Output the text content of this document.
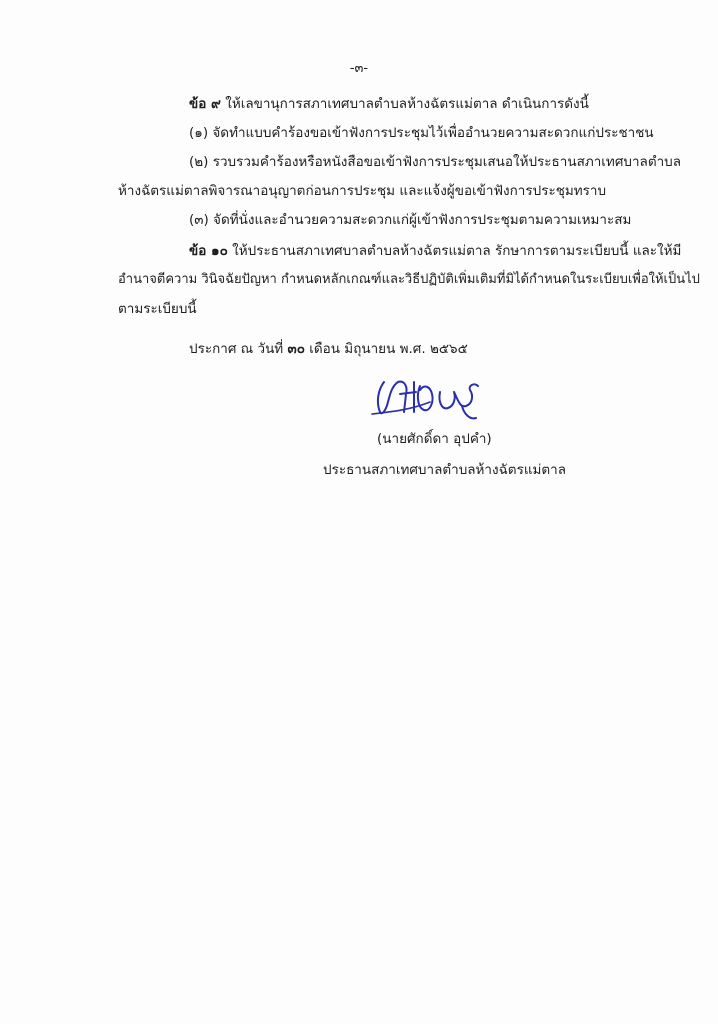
-๓-
ข้อ ๙ ให้เลขานุการสภาเทศบาลตำบลห้างฉัตรแม่ตาล ดำเนินการดังนี้
(๑) จัดทำแบบคำร้องขอเข้าฟังการประชุมไว้เพื่ออำนวยความสะดวกแก่ประชาชน
(๒) รวบรวมคำร้องหรือหนังสือขอเข้าฟังการประชุมเสนอให้ประธานสภาเทศบาลตำบล
ห้างฉัตรแม่ตาลพิจารณาอนุญาตก่อนการประชุม และแจ้งผู้ขอเข้าฟังการประชุมทราบ
(๓) จัดที่นั่งและอำนวยความสะดวกแก่ผู้เข้าฟังการประชุมตามความเหมาะสม
ข้อ ๑๐ ให้ประธานสภาเทศบาลตำบลห้างฉัตรแม่ตาล รักษาการตามระเบียบนี้ และให้มี
อำนาจตีความ วินิจฉัยปัญหา กำหนดหลักเกณฑ์และวิธีปฏิบัติเพิ่มเติมที่มิได้กำหนดในระเบียบเพื่อให้เป็นไป
ตามระเบียบนี้
ประกาศ ณ วันที่ ๓๐ เดือน มิถุนายน พ.ศ. ๒๕๖๕
(นายศักดิ์ดา อุปคำ)
ประธานสภาเทศบาลตำบลห้างฉัตรแม่ตาล
